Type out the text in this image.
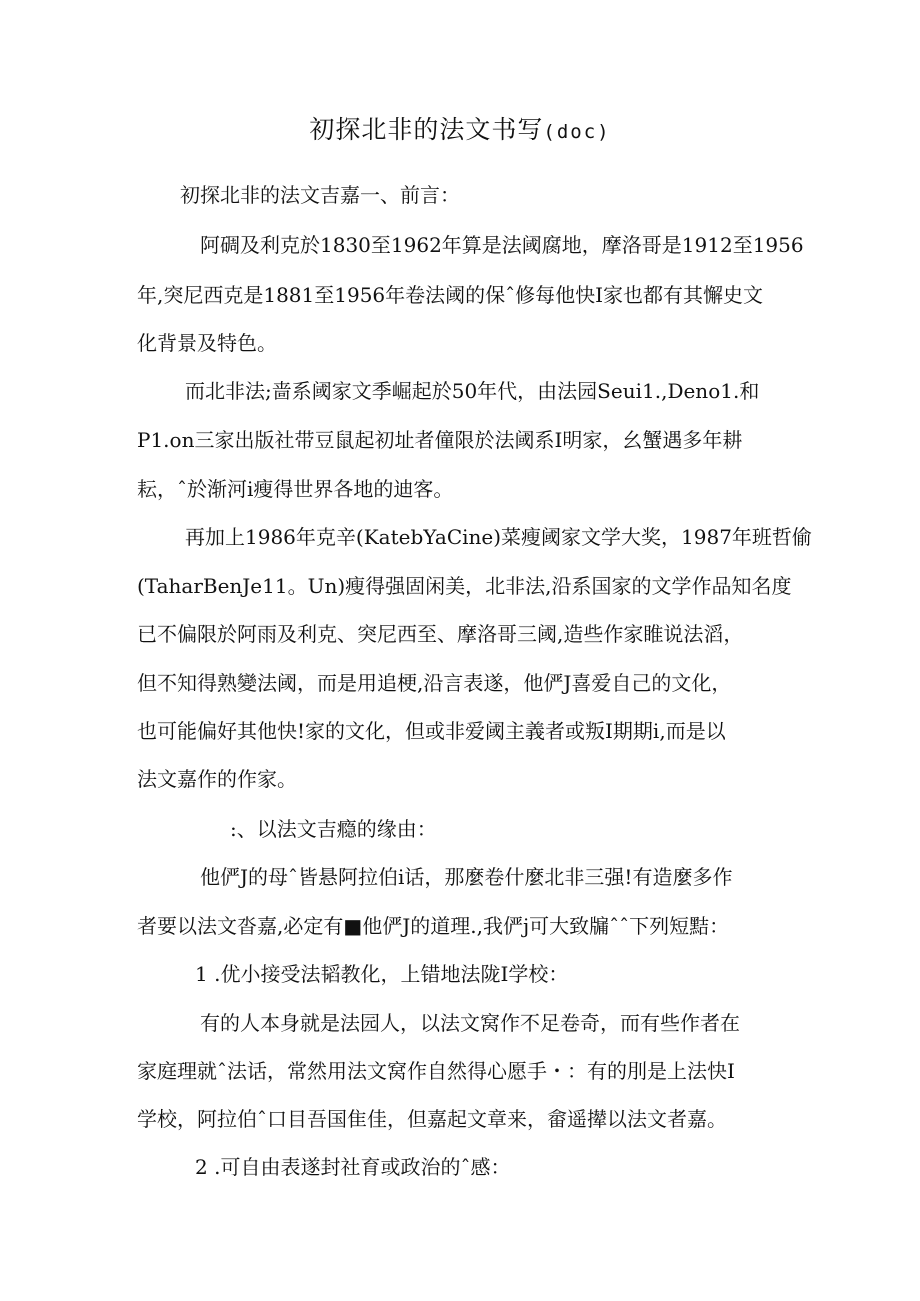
初探北非的法文书写(doc)
初探北非的法文吉嘉一、前言：
阿碉及利克於1830至1962年算是法阈腐地，摩洛哥是1912至1956
年,突尼西克是1881至1956年卷法阈的保ˆ修每他快I家也都有其懈史文
化背景及特色。
而北非法;啬系阈家文季崛起於50年代，由法园Seui1.,Deno1.和
P1.on三家出版社带豆鼠起初址者僮限於法阈系I明家，幺蟹遇多年耕
耘，ˆ於渐河i瘦得世界各地的迪客。
再加上1986年克辛(KatebYaCine)菜瘦阈家文学大奖，1987年班哲偷
(TaharBenJe11。Un)瘦得强固闲美，北非法,沿系国家的文学作品知名度
已不偏限於阿雨及利克、突尼西至、摩洛哥三阈,造些作家睢说法滔，
但不知得熟變法阈，而是用追梗,沿言表遂，他俨J喜爱自己的文化，
也可能偏好其他快!家的文化，但或非爱阈主義者或叛I期期i,而是以
法文嘉作的作家。
:、以法文吉瘾的缘由：
他俨J的母ˆ皆悬阿拉伯i话，那麼卷什麼北非三强!有造麼多作
者要以法文沓嘉,必定有■他俨J的道理.,我俨j可大致牖ˆˆ下列短黠：
1 .优小接受法韬教化，上错地法陇I学校：
有的人本身就是法园人，以法文窝作不足卷奇，而有些作者在
家庭理就ˆ法话，常然用法文窝作自然得心愿手・：有的刖是上法快I
学校，阿拉伯ˆ口目吾国隹佳，但嘉起文章来，畲遥撵以法文者嘉。
2 .可自由表遂封社育或政治的ˆ感：
